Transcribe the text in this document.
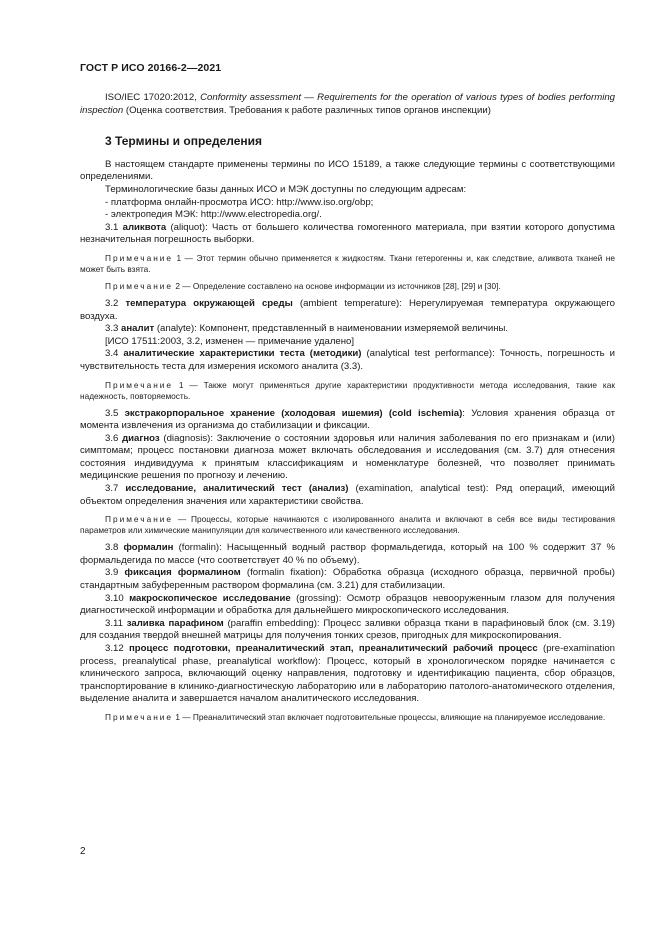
ГОСТ Р ИСО 20166-2—2021

ISO/IEC 17020:2012, Conformity assessment — Requirements for the operation of various types of bodies performing inspection (Оценка соответствия. Требования к работе различных типов органов инспекции)

3 Термины и определения

В настоящем стандарте применены термины по ИСО 15189, а также следующие термины с соответствующими определениями.

Терминологические базы данных ИСО и МЭК доступны по следующим адресам:

- платформа онлайн-просмотра ИСО: http://www.iso.org/obp;

- электропедия МЭК: http://www.electropedia.org/.

3.1 аликвота (aliquot): Часть от большего количества гомогенного материала, при взятии которого допустима незначительная погрешность выборки.

Примечание 1 — Этот термин обычно применяется к жидкостям. Ткани гетерогенны и, как следствие, аликвота тканей не может быть взята.
Примечание 2 — Определение составлено на основе информации из источников [28], [29] и [30].

3.2 температура окружающей среды (ambient temperature): Нерегулируемая температура окружающего воздуха.

3.3 аналит (analyte): Компонент, представленный в наименовании измеряемой величины.

[ИСО 17511:2003, 3.2, изменен — примечание удалено]

3.4 аналитические характеристики теста (методики) (analytical test performance): Точность, погрешность и чувствительность теста для измерения искомого аналита (3.3).

Примечание 1 — Также могут применяться другие характеристики продуктивности метода исследования, такие как надежность, повторяемость.

3.5 экстракорпоральное хранение (холодовая ишемия) (cold ischemia): Условия хранения образца от момента извлечения из организма до стабилизации и фиксации.

3.6 диагноз (diagnosis): Заключение о состоянии здоровья или наличия заболевания по его признакам и (или) симптомам; процесс постановки диагноза может включать обследования и исследования (см. 3.7) для отнесения состояния индивидуума к принятым классификациям и номенклатуре болезней, что позволяет принимать медицинские решения по прогнозу и лечению.

3.7 исследование, аналитический тест (анализ) (examination, analytical test): Ряд операций, имеющий объектом определения значения или характеристики свойства.

Примечание — Процессы, которые начинаются с изолированного аналита и включают в себя все виды тестирования параметров или химические манипуляции для количественного или качественного исследования.

3.8 формалин (formalin): Насыщенный водный раствор формальдегида, который на 100 % содержит 37 % формальдегида по массе (что соответствует 40 % по объему).

3.9 фиксация формалином (formalin fixation): Обработка образца (исходного образца, первичной пробы) стандартным забуференным раствором формалина (см. 3.21) для стабилизации.

3.10 макроскопическое исследование (grossing): Осмотр образцов невооруженным глазом для получения диагностической информации и обработка для дальнейшего микроскопического исследования.

3.11 заливка парафином (paraffin embedding): Процесс заливки образца ткани в парафиновый блок (см. 3.19) для создания твердой внешней матрицы для получения тонких срезов, пригодных для микроскопирования.

3.12 процесс подготовки, преаналитический этап, преаналитический рабочий процесс (pre-examination process, preanalytical phase, preanalytical workflow): Процесс, который в хронологическом порядке начинается с клинического запроса, включающий оценку направления, подготовку и идентификацию пациента, сбор образцов, транспортирование в клинико-диагностическую лабораторию или в лабораторию патолого-анатомического отделения, выделение аналита и завершается началом аналитического исследования.

Примечание 1 — Преаналитический этап включает подготовительные процессы, влияющие на планируемое исследование.
2
